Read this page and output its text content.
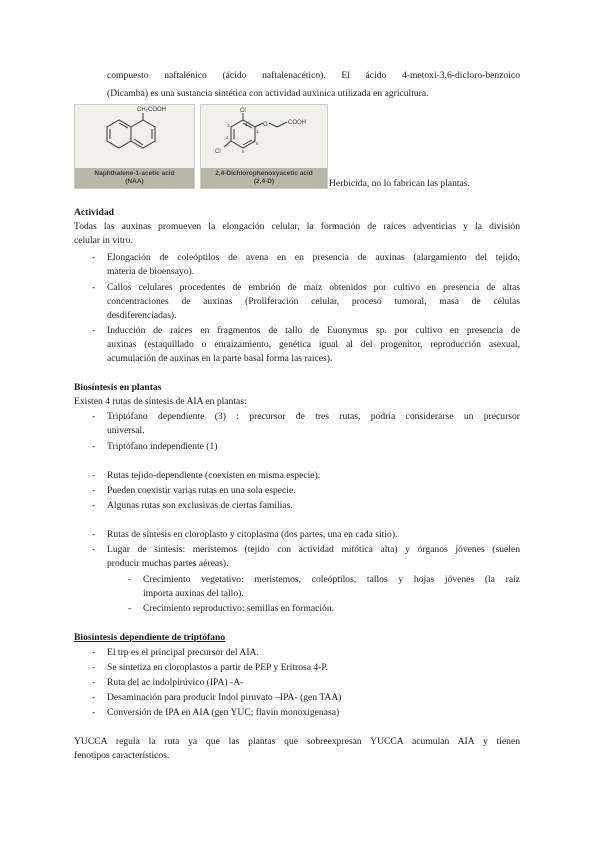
compuesto naftalénico (ácido naftalenacético). El ácido 4-metoxi-3,6-dicloro-benzoico
(Dicamba) es una sustancia sintética con actividad auxínica utilizada en agricultura.
CH₂COOH
Naphthalene-1-acetic acid
(NAA)
Cl
Cl
O	COOH
1
2
3
4
5
6
2,4-Dichlorophenoxyacetic acid
(2,4-D)	Herbicida, no lo fabrican las plantas.
Actividad
Todas las auxinas promueven la elongación celular, la formación de raíces adventicias y la división
celular in vitro.
- Elongación de coleóptilos de avena en en presencia de auxinas (alargamiento del tejido,
materia de bioensayo).
- Callos celulares procedentes de embrión de maíz obtenidos por cultivo en presencia de altas
concentraciones de auxinas (Proliferación celular, proceso tumoral, masa de células
desdiferenciadas).
- Inducción de raíces en fragmentos de tallo de Euonymus sp. por cultivo en presencia de
auxinas (estaquillado o enraizamiento, genética igual al del progenitor, reproducción asexual,
acumulación de auxinas en la parte basal forma las raíces).
Biosíntesis en plantas
Existen 4 rutas de síntesis de AIA en plantas:
- Triptófano dependiente (3) : precursor de tres rutas, podría considerarse un precursor
universal.
- Triptófano independiente (1)
- Rutas tejido-dependiente (coexisten en misma especie).
- Pueden coexistir varias rutas en una sola especie.
- Algunas rutas son exclusivas de ciertas familias.
- Rutas de síntesis en cloroplasto y citoplasma (dos partes, una en cada sitio).
- Lugar de síntesis: meristemos (tejido con actividad mitótica alta) y órganos jóvenes (suelen
producir muchas partes aéreas).
- Crecimiento vegetativo: meristemos, coleóptilos, tallos y hojas jóvenes (la raíz
importa auxinas del tallo).
- Crecimiento reproductivo: semillas en formación.
Biosíntesis dependiente de triptófano
- El trp es el principal precursor del AIA.
- Se sintetiza en cloroplastos a partir de PEP y Eritrosa 4-P.
- Ruta del ac indolpirúvico (IPA) -A-
- Desaminación para producir Indol piruvato –IPA- (gen TAA)
- Conversión de IPA en AIA (gen YUC; flavin monoxigenasa)
YUCCA regula la ruta ya que las plantas que sobreexpresan YUCCA acumulan AIA y tienen
fenotipos característicos.
